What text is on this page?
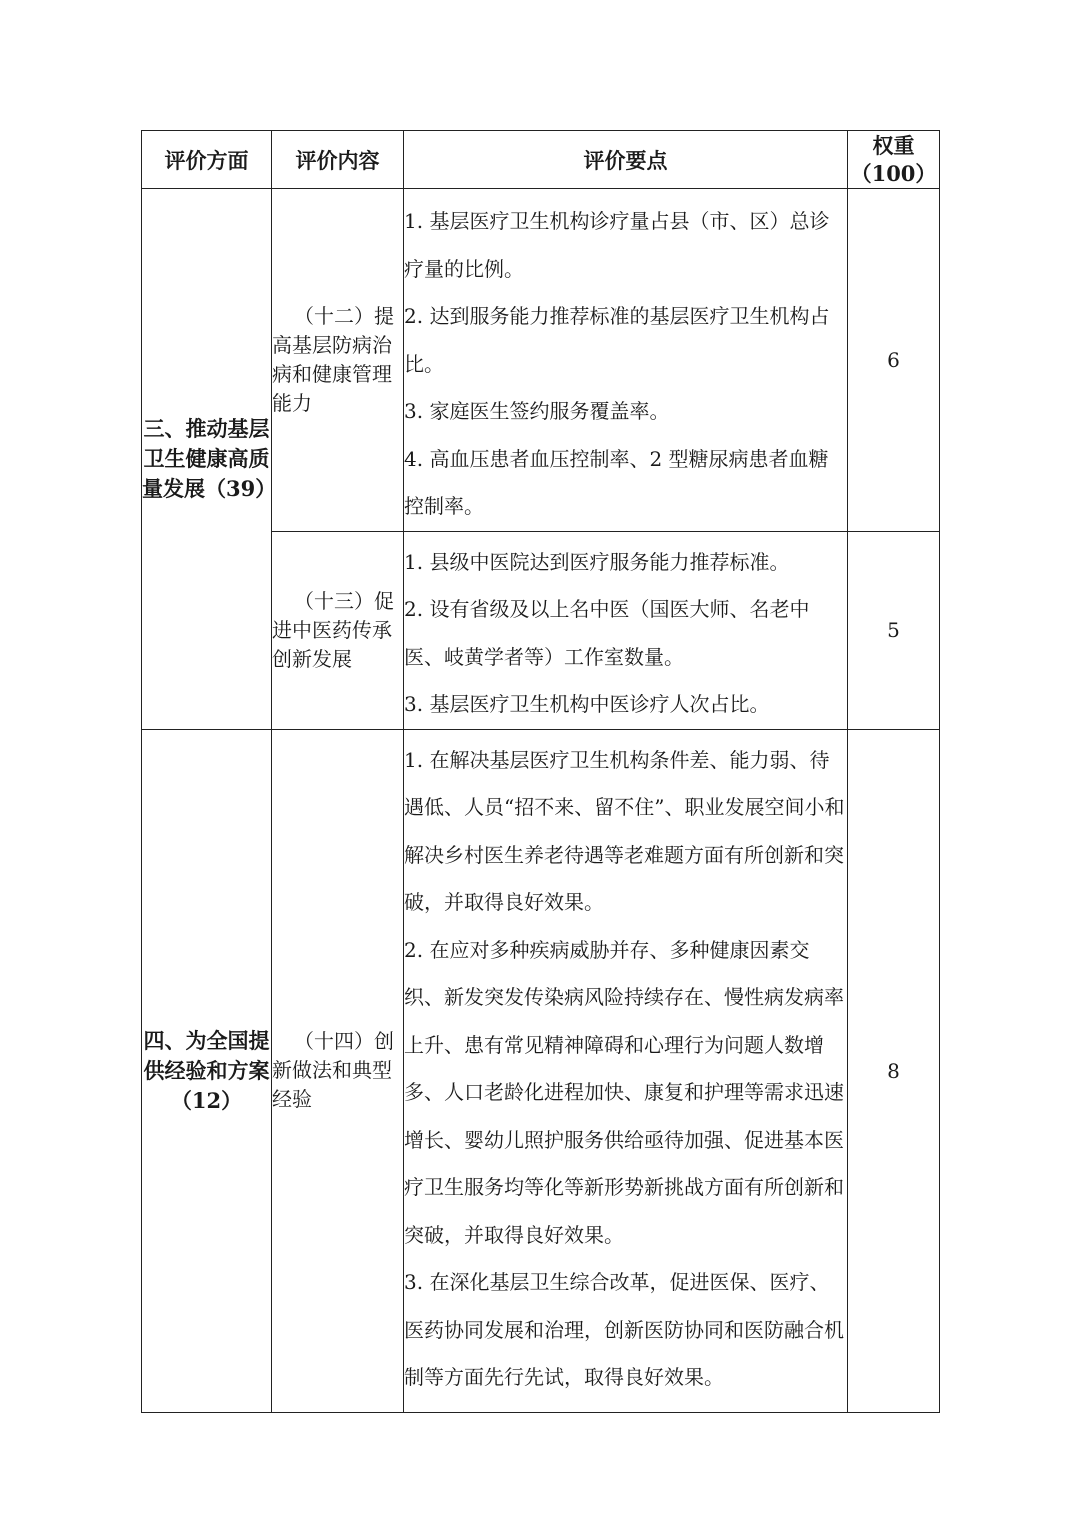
评价方面	评价内容	评价要点	权重
（100）

三、推动基层卫生健康高质量发展（39）	（十二）提高基层防病治病和健康管理能力	1. 基层医疗卫生机构诊疗量占县（市、区）总诊疗量的比例。
2. 达到服务能力推荐标准的基层医疗卫生机构占比。
3. 家庭医生签约服务覆盖率。
4. 高血压患者血压控制率、2 型糖尿病患者血糖控制率。	6
	（十三）促进中医药传承创新发展	1. 县级中医院达到医疗服务能力推荐标准。
2. 设有省级及以上名中医（国医大师、名老中医、岐黄学者等）工作室数量。
3. 基层医疗卫生机构中医诊疗人次占比。	5
四、为全国提供经验和方案（12）	（十四）创新做法和典型经验	1. 在解决基层医疗卫生机构条件差、能力弱、待遇低、人员“招不来、留不住”、职业发展空间小和解决乡村医生养老待遇等老难题方面有所创新和突破，并取得良好效果。
2. 在应对多种疾病威胁并存、多种健康因素交织、新发突发传染病风险持续存在、慢性病发病率上升、患有常见精神障碍和心理行为问题人数增多、人口老龄化进程加快、康复和护理等需求迅速增长、婴幼儿照护服务供给亟待加强、促进基本医疗卫生服务均等化等新形势新挑战方面有所创新和突破，并取得良好效果。
3. 在深化基层卫生综合改革，促进医保、医疗、医药协同发展和治理，创新医防协同和医防融合机制等方面先行先试，取得良好效果。	8
